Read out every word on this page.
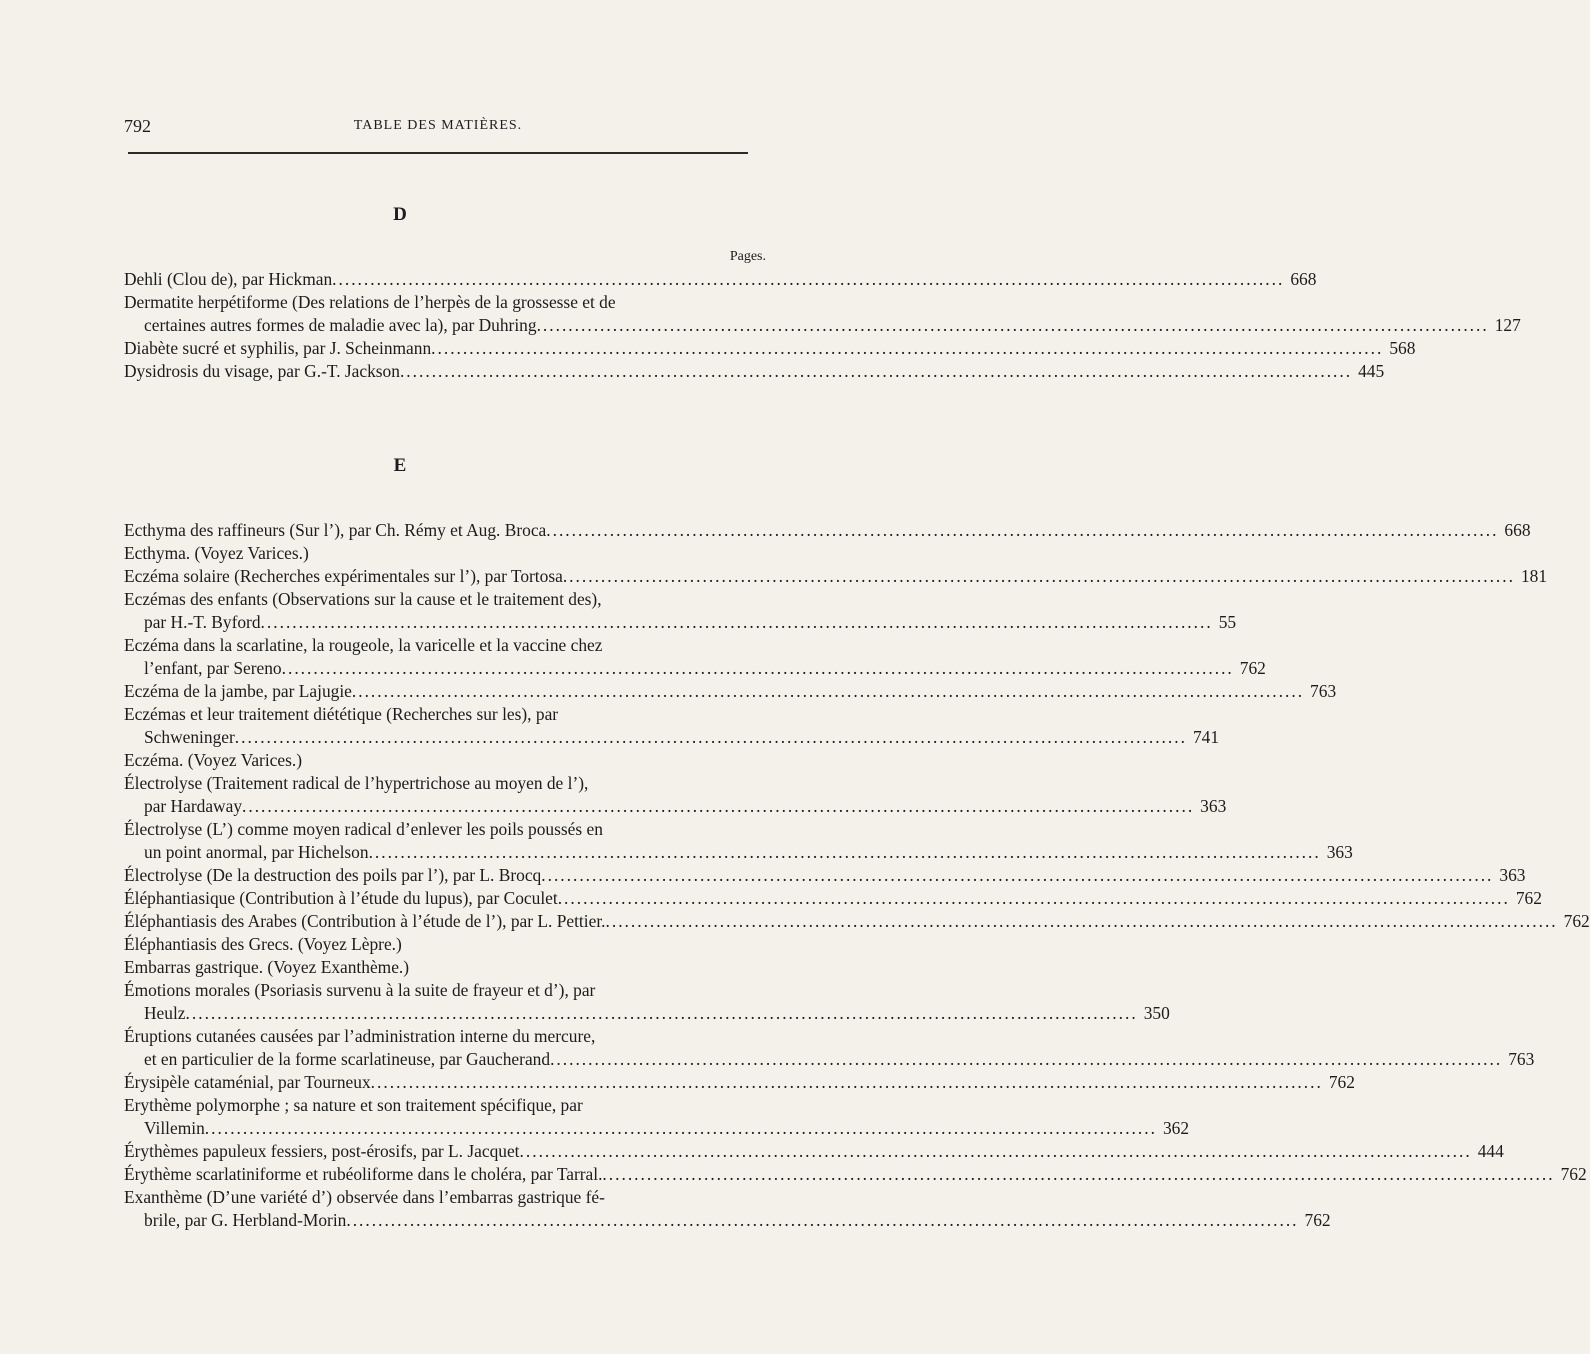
792	TABLE DES MATIÈRES.
D
Pages.
Dehli (Clou de), par Hickman .....	668
Dermatite herpétiforme (Des relations de l’herpès de la grossesse et de
certaines autres formes de maladie avec la), par Duhring .....	127
Diabète sucré et syphilis, par J. Scheinmann .....	568
Dysidrosis du visage, par G.-T. Jackson .....	445
E
Ecthyma des raffineurs (Sur l’), par Ch. Rémy et Aug. Broca .....	668
Ecthyma. (Voyez Varices.)
Eczéma solaire (Recherches expérimentales sur l’), par Tortosa .....	181
Eczémas des enfants (Observations sur la cause et le traitement des),
par H.-T. Byford .....	55
Eczéma dans la scarlatine, la rougeole, la varicelle et la vaccine chez
l’enfant, par Sereno .....	762
Eczéma de la jambe, par Lajugie .....	763
Eczémas et leur traitement diététique (Recherches sur les), par
Schweninger .....	741
Eczéma. (Voyez Varices.)
Électrolyse (Traitement radical de l’hypertrichose au moyen de l’),
par Hardaway .....	363
Électrolyse (L’) comme moyen radical d’enlever les poils poussés en
un point anormal, par Hichelson .....	363
Électrolyse (De la destruction des poils par l’), par L. Brocq .....	363
Éléphantiasique (Contribution à l’étude du lupus), par Coculet .....	762
Éléphantiasis des Arabes (Contribution à l’étude de l’), par L. Pettier. .....	762
Éléphantiasis des Grecs. (Voyez Lèpre.)
Embarras gastrique. (Voyez Exanthème.)
Émotions morales (Psoriasis survenu à la suite de frayeur et d’), par
Heulz .....	350
Éruptions cutanées causées par l’administration interne du mercure,
et en particulier de la forme scarlatineuse, par Gaucherand .....	763
Érysipèle cataménial, par Tourneux .....	762
Erythème polymorphe ; sa nature et son traitement spécifique, par
Villemin .....	362
Érythèmes papuleux fessiers, post-érosifs, par L. Jacquet .....	444
Érythème scarlatiniforme et rubéoliforme dans le choléra, par Tarral. .....	762
Exanthème (D’une variété d’) observée dans l’embarras gastrique fé-
brile, par G. Herbland-Morin .....	762
